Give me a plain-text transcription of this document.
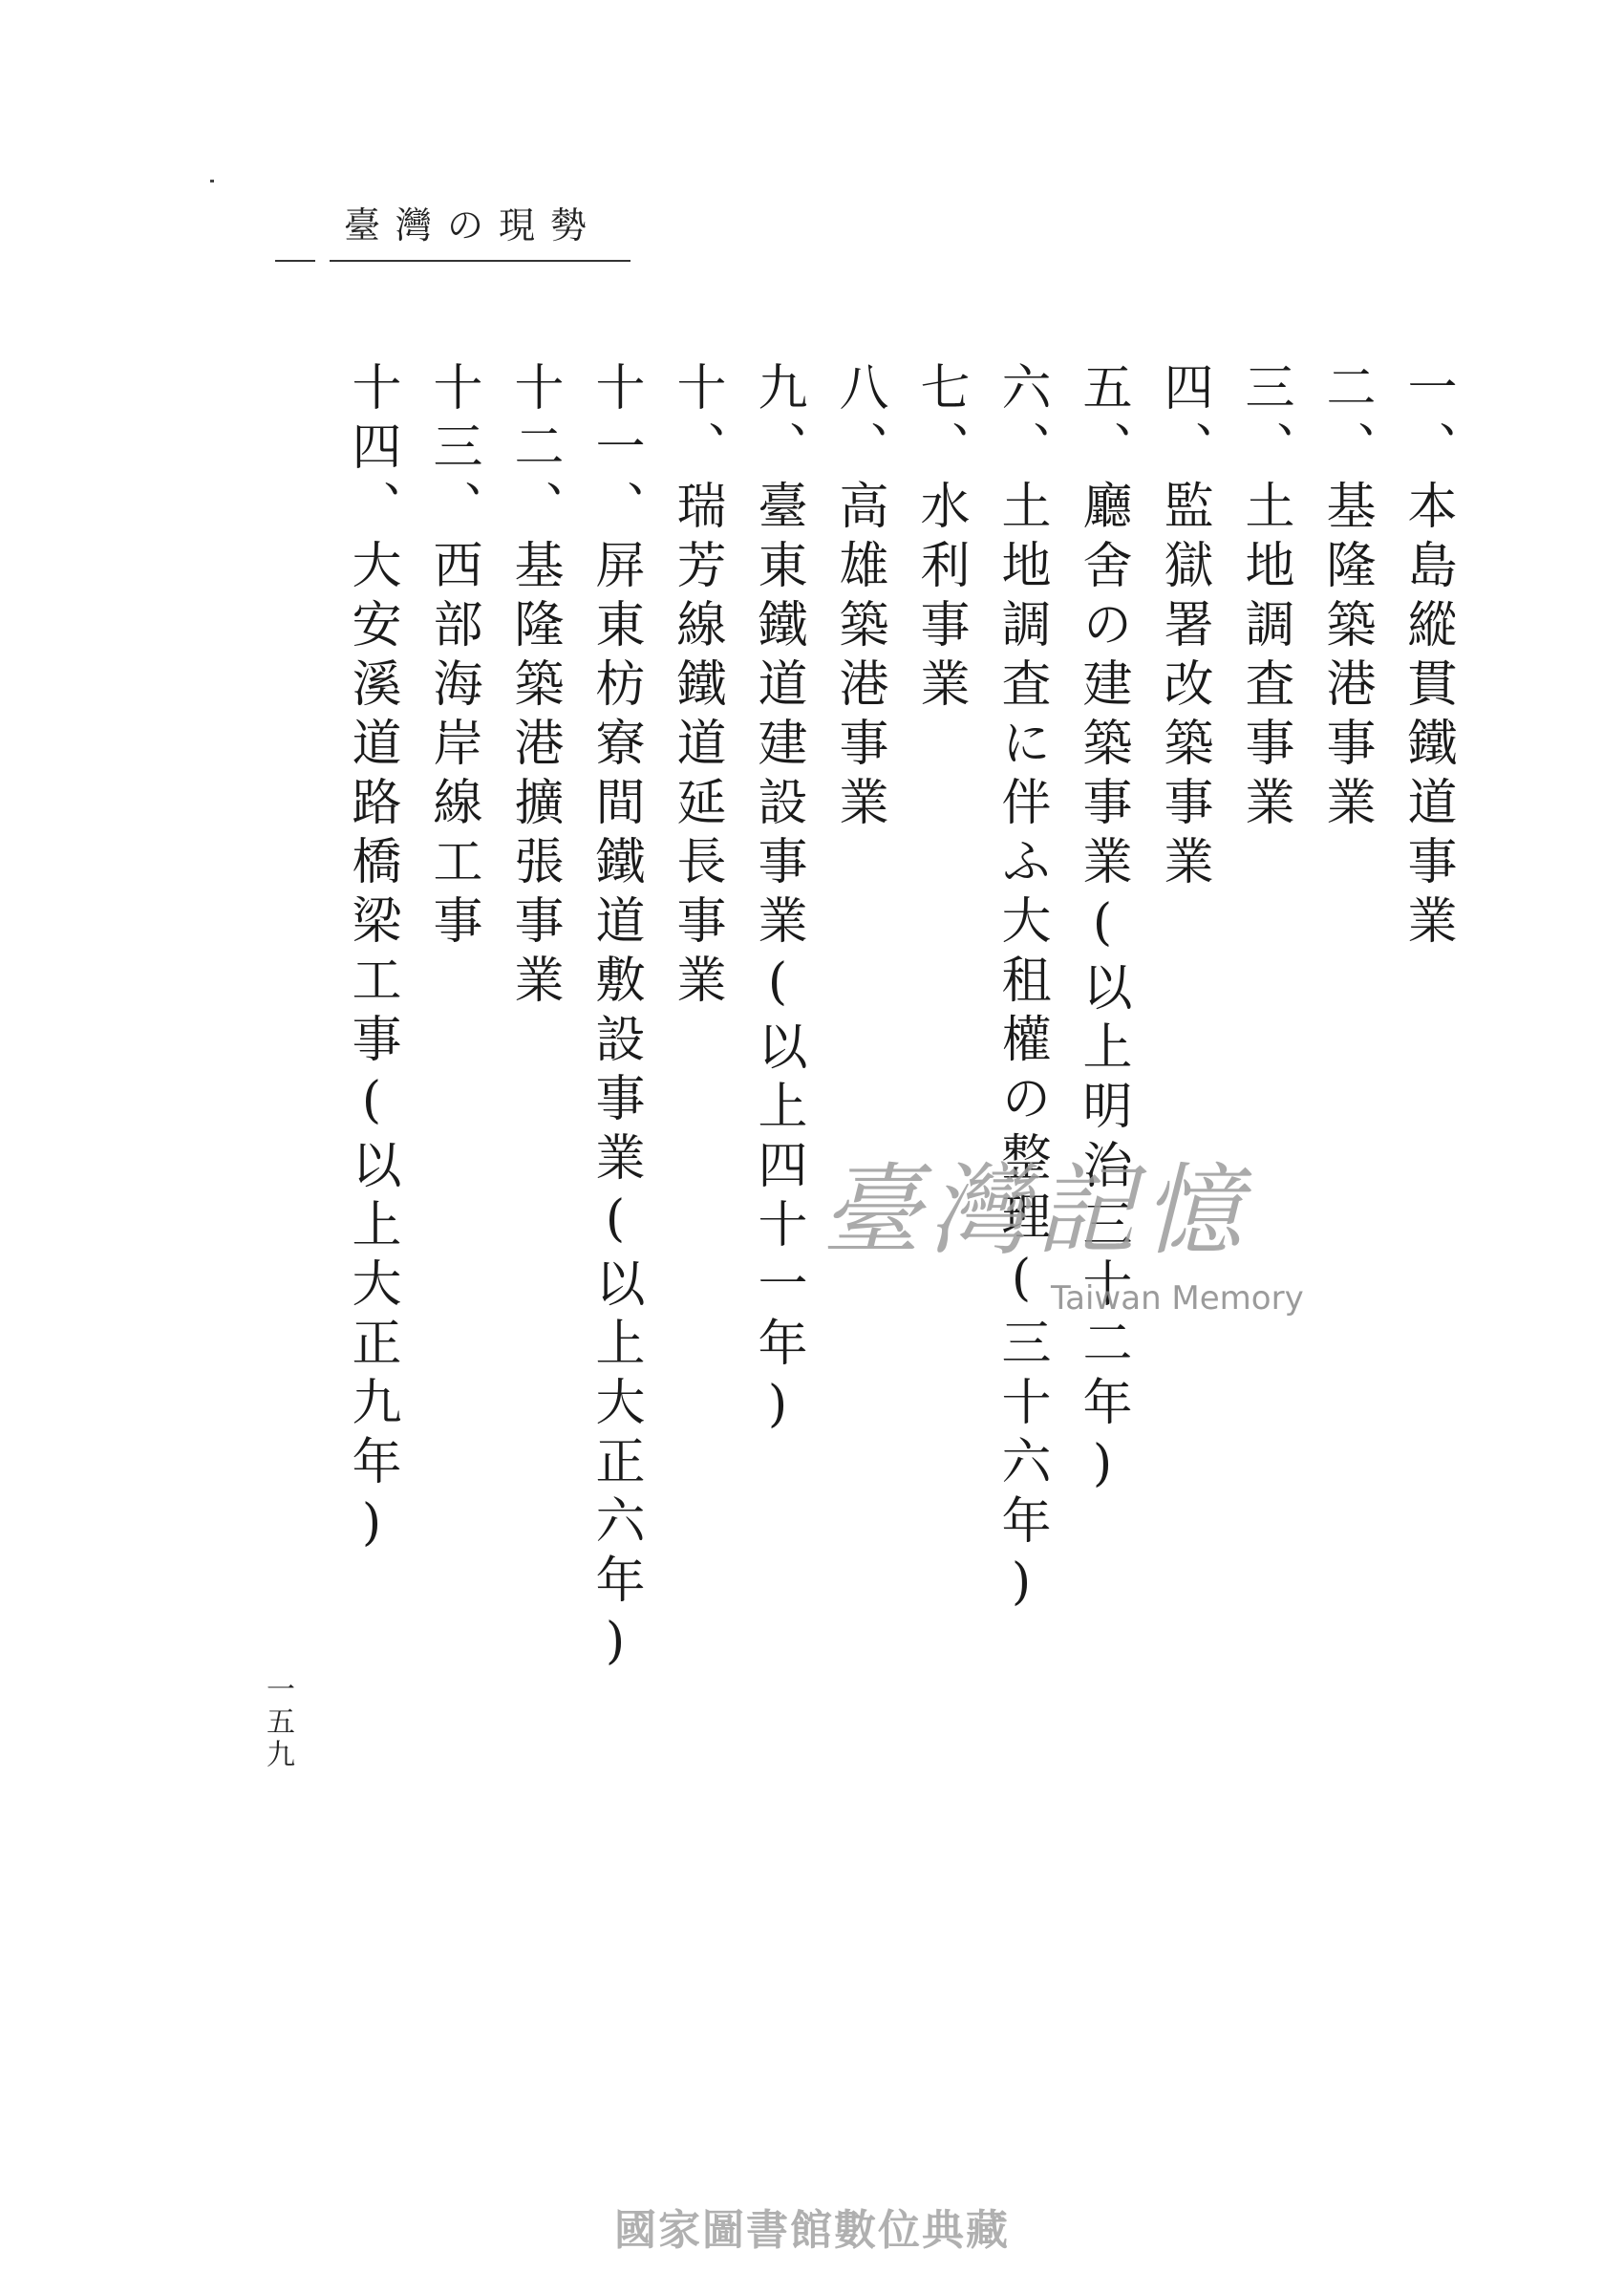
臺灣の現勢
一、本島縱貫鐵道事業
二、基隆築港事業
三、土地調査事業
四、監獄署改築事業
五、廳舍の建築事業(以上明治三十二年)
六、土地調査に伴ふ大租權の整理(三十六年)
七、水利事業
八、高雄築港事業
九、臺東鐵道建設事業(以上四十一年)
十、瑞芳線鐵道延長事業
十一、屏東枋寮間鐵道敷設事業(以上大正六年)
十二、基隆築港擴張事業
十三、西部海岸線工事
十四、大安溪道路橋梁工事(以上大正九年)
一五九
臺灣記憶
Taiwan Memory
國家圖書館數位典藏
